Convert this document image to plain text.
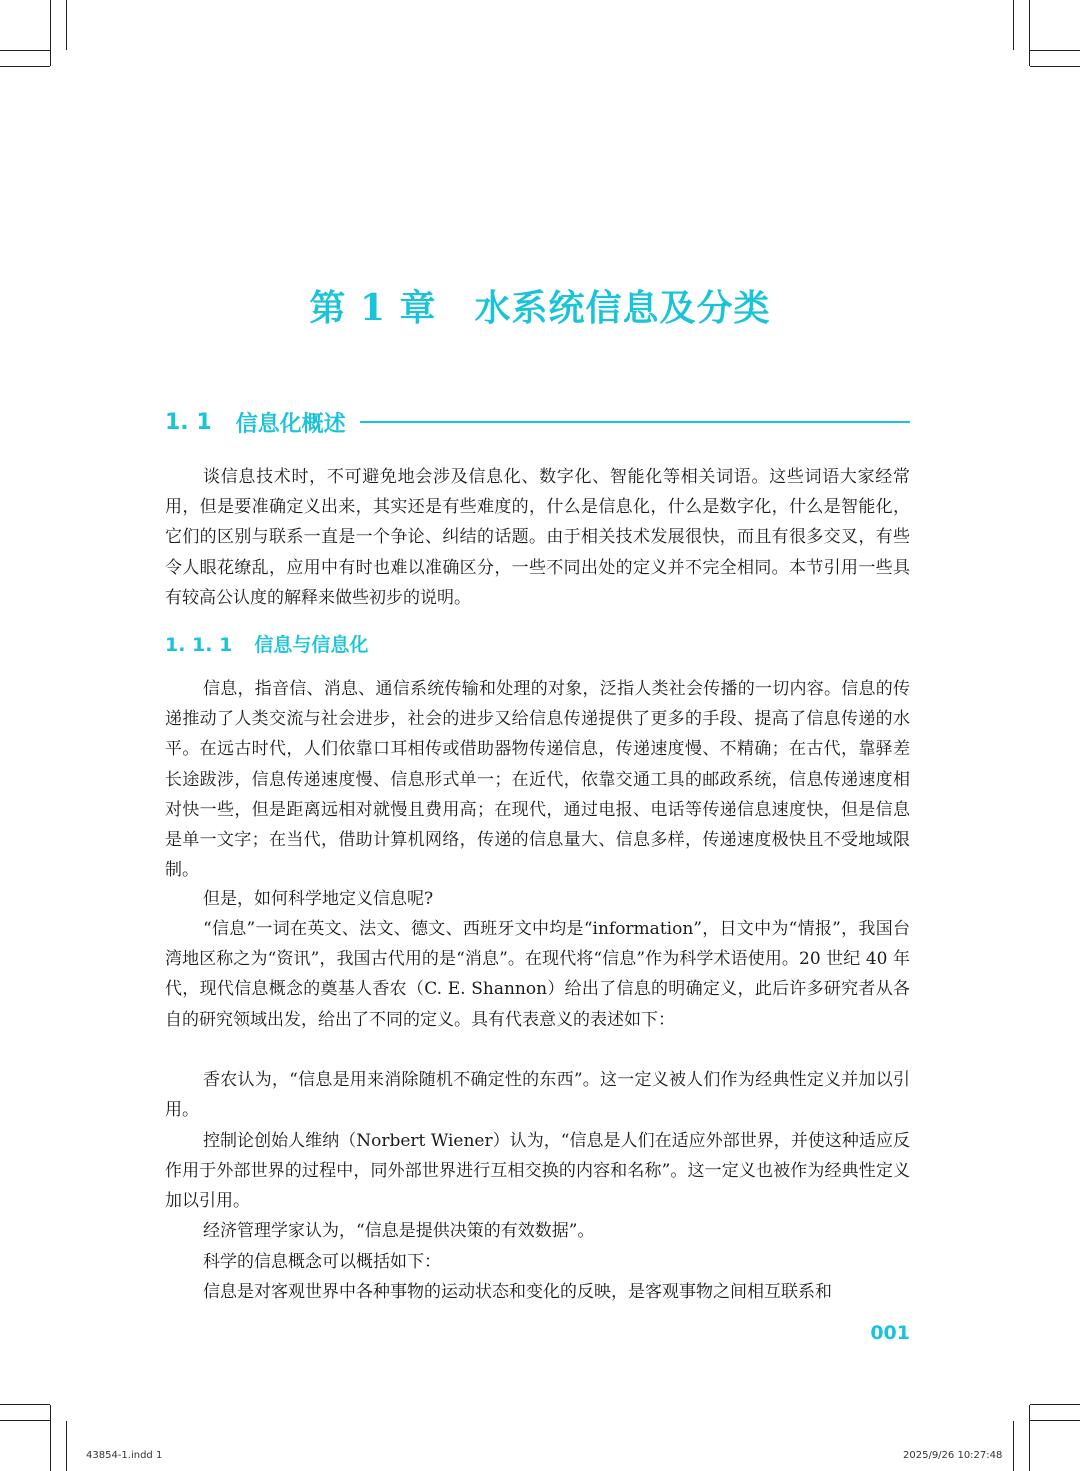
第 1 章 水系统信息及分类
1. 1 信息化概述

谈信息技术时，不可避免地会涉及信息化、数字化、智能化等相关词语。这些词语大家经常用，但是要准确定义出来，其实还是有些难度的，什么是信息化，什么是数字化，什么是智能化，它们的区别与联系一直是一个争论、纠结的话题。由于相关技术发展很快，而且有很多交叉，有些令人眼花缭乱，应用中有时也难以准确区分，一些不同出处的定义并不完全相同。本节引用一些具有较高公认度的解释来做些初步的说明。

1. 1. 1 信息与信息化

信息，指音信、消息、通信系统传输和处理的对象，泛指人类社会传播的一切内容。信息的传递推动了人类交流与社会进步，社会的进步又给信息传递提供了更多的手段、提高了信息传递的水平。在远古时代，人们依靠口耳相传或借助器物传递信息，传递速度慢、不精确；在古代，靠驿差长途跋涉，信息传递速度慢、信息形式单一；在近代，依靠交通工具的邮政系统，信息传递速度相对快一些，但是距离远相对就慢且费用高；在现代，通过电报、电话等传递信息速度快，但是信息是单一文字；在当代，借助计算机网络，传递的信息量大、信息多样，传递速度极快且不受地域限制。

但是，如何科学地定义信息呢?

“信息”一词在英文、法文、德文、西班牙文中均是“information”，日文中为“情报”，我国台湾地区称之为“资讯”，我国古代用的是“消息”。在现代将“信息”作为科学术语使用。20 世纪 40 年代，现代信息概念的奠基人香农（C. E. Shannon）给出了信息的明确定义，此后许多研究者从各自的研究领域出发，给出了不同的定义。具有代表意义的表述如下：

香农认为，“信息是用来消除随机不确定性的东西”。这一定义被人们作为经典性定义并加以引用。

控制论创始人维纳（Norbert Wiener）认为，“信息是人们在适应外部世界，并使这种适应反作用于外部世界的过程中，同外部世界进行互相交换的内容和名称”。这一定义也被作为经典性定义加以引用。

经济管理学家认为，“信息是提供决策的有效数据”。

科学的信息概念可以概括如下：

信息是对客观世界中各种事物的运动状态和变化的反映，是客观事物之间相互联系和

001
43854-1.indd 1	2025/9/26 10:27:48
